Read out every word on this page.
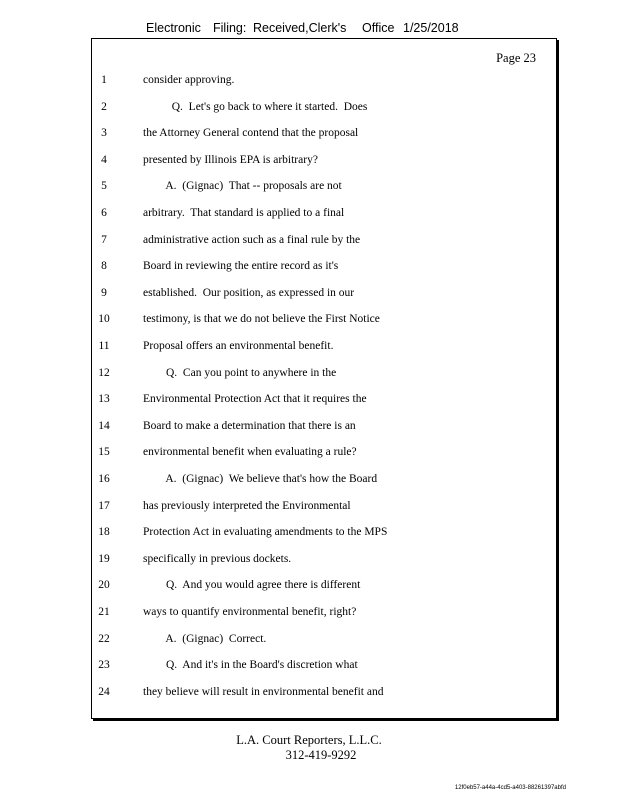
Electronic Filing: Received,Clerk's Office 1/25/2018
Page 23
1	consider approving.
2	Q.  Let's go back to where it started.  Does
3	the Attorney General contend that the proposal
4	presented by Illinois EPA is arbitrary?
5	A.  (Gignac)  That -- proposals are not
6	arbitrary.  That standard is applied to a final
7	administrative action such as a final rule by the
8	Board in reviewing the entire record as it's
9	established.  Our position, as expressed in our
10	testimony, is that we do not believe the First Notice
11	Proposal offers an environmental benefit.
12	Q.  Can you point to anywhere in the
13	Environmental Protection Act that it requires the
14	Board to make a determination that there is an
15	environmental benefit when evaluating a rule?
16	A.  (Gignac)  We believe that's how the Board
17	has previously interpreted the Environmental
18	Protection Act in evaluating amendments to the MPS
19	specifically in previous dockets.
20	Q.  And you would agree there is different
21	ways to quantify environmental benefit, right?
22	A.  (Gignac)  Correct.
23	Q.  And it's in the Board's discretion what
24	they believe will result in environmental benefit and
L.A. Court Reporters, L.L.C.
312-419-9292
12f0eb57-a44a-4cd5-a403-88261397abfd
